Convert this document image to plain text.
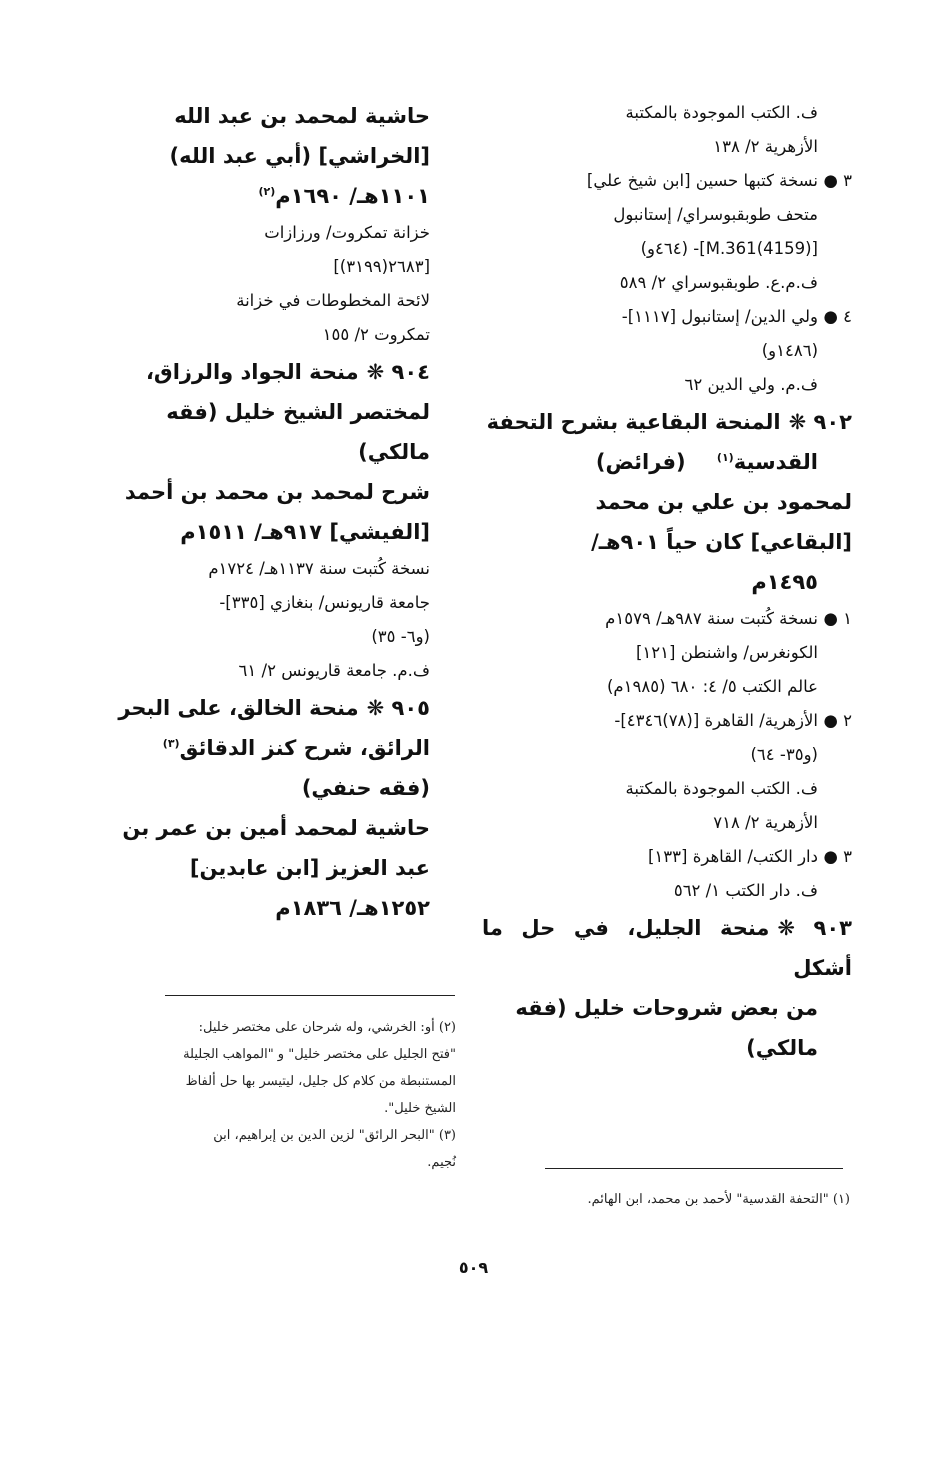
ف. الكتب الموجودة بالمكتبة
الأزهرية ٢/ ١٣٨
٣ ●
نسخة كتبها حسين [ابن شيخ علي]
متحف طوبقبوسراي/ إستانبول
[(4159)M.361]- (٤٦٤و)
ف.م.ع. طوبقبوسراي ٢/ ٥٨٩
٤ ●
ولي الدين/ إستانبول [١١١٧]-
(١٤٨٦و)
ف.م. ولي الدين ٦٢
٩٠٢ ❋المنحة البقاعية بشرح التحفة
القدسية$^{(١)}$ (فرائض)
لمحمود بن علي بن محمد
[البقاعي] كان حياً ٩٠١هـ/
١٤٩٥م
١ ●
نسخة كُتبت سنة ٩٨٧هـ/ ١٥٧٩م
الكونغرس/ واشنطن [١٢١]
عالم الكتب ٥/ ٤: ٦٨٠ (١٩٨٥م)
٢ ●
الأزهرية/ القاهرة [(٧٨)٤٣٤٦]-
(و٣٥- ٦٤)
ف. الكتب الموجودة بالمكتبة
الأزهرية ٢/ ٧١٨
٣ ●
دار الكتب/ القاهرة [١٣٣]
ف. دار الكتب ١/ ٥٦٢
٩٠٣ ❋منحة الجليل، في حل ما أشكل
من بعض شروحات خليل (فقه
مالكي)
حاشية لمحمد بن عبد الله
[الخراشي] (أبي عبد الله)
١١٠١هـ/ ١٦٩٠م$^{(٢)}$
خزانة تمكروت/ ورزازات
[٢٦٨٣(٣١٩٩)]
لائحة المخطوطات في خزانة
تمكروت ٢/ ١٥٥
٩٠٤ ❋منحة الجواد والرزاق،
لمختصر الشيخ خليل (فقه
مالكي)
شرح لمحمد بن محمد بن أحمد
[الفيشي] ٩١٧هـ/ ١٥١١م
نسخة كُتبت سنة ١١٣٧هـ/ ١٧٢٤م
جامعة قاريونس/ بنغازي [٣٣٥]-
(و٦- ٣٥)
ف.م. جامعة قاريونس ٢/ ٦١
٩٠٥ ❋منحة الخالق، على البحر
الرائق، شرح كنز الدقائق$^{(٣)}$
(فقه حنفي)
حاشية لمحمد أمين بن عمر بن
عبد العزيز [ابن عابدين]
١٢٥٢هـ/ ١٨٣٦م
(٢) أو: الخرشي، وله شرحان على مختصر خليل:
"فتح الجليل على مختصر خليل" و "المواهب الجليلة
المستنبطة من كلام كل جليل، ليتيسر بها حل ألفاظ
الشيخ خليل".
(٣) "البحر الرائق" لزين الدين بن إبراهيم، ابن
نُجيم.
(١) "التحفة القدسية" لأحمد بن محمد، ابن الهائم.
٥٠٩
